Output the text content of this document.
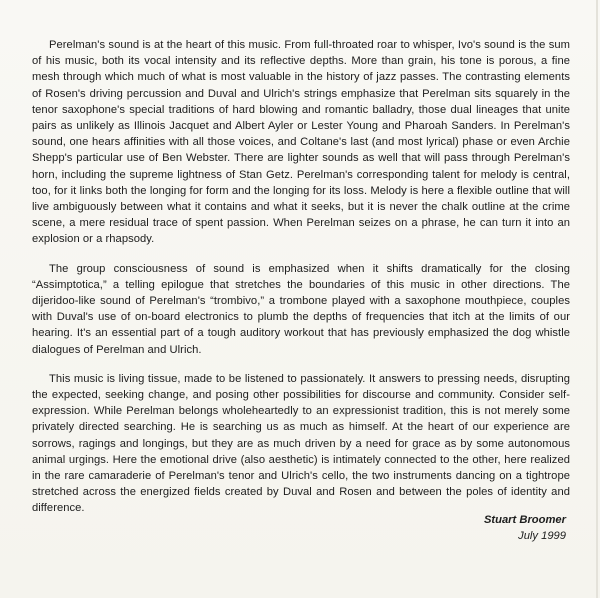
Perelman's sound is at the heart of this music. From full-throated roar to whisper, Ivo's sound is the sum of his music, both its vocal intensity and its reflective depths. More than grain, his tone is porous, a fine mesh through which much of what is most valuable in the history of jazz passes. The contrasting elements of Rosen's driving percussion and Duval and Ulrich's strings emphasize that Perelman sits squarely in the tenor saxophone's special traditions of hard blowing and romantic balladry, those dual lineages that unite pairs as unlikely as Illinois Jacquet and Albert Ayler or Lester Young and Pharoah Sanders. In Perelman's sound, one hears affinities with all those voices, and Coltane's last (and most lyrical) phase or even Archie Shepp's particular use of Ben Webster. There are lighter sounds as well that will pass through Perelman's horn, including the supreme lightness of Stan Getz. Perelman's corresponding talent for melody is central, too, for it links both the longing for form and the longing for its loss. Melody is here a flexible outline that will live ambiguously between what it contains and what it seeks, but it is never the chalk outline at the crime scene, a mere residual trace of spent passion. When Perelman seizes on a phrase, he can turn it into an explosion or a rhapsody.

The group consciousness of sound is emphasized when it shifts dramatically for the closing “Assimptotica,” a telling epilogue that stretches the boundaries of this music in other directions. The dijeridoo-like sound of Perelman's “trombivo,” a trombone played with a saxophone mouthpiece, couples with Duval's use of on-board electronics to plumb the depths of frequencies that itch at the limits of our hearing. It's an essential part of a tough auditory workout that has previously emphasized the dog whistle dialogues of Perelman and Ulrich.

This music is living tissue, made to be listened to passionately. It answers to pressing needs, disrupting the expected, seeking change, and posing other possibilities for discourse and community. Consider self-expression. While Perelman belongs wholeheartedly to an expressionist tradition, this is not merely some privately directed searching. He is searching us as much as himself. At the heart of our experience are sorrows, ragings and longings, but they are as much driven by a need for grace as by some autonomous animal urgings. Here the emotional drive (also aesthetic) is intimately connected to the other, here realized in the rare camaraderie of Perelman's tenor and Ulrich's cello, the two instruments dancing on a tightrope stretched across the energized fields created by Duval and Rosen and between the poles of identity and difference.

Stuart Broomer
July 1999
